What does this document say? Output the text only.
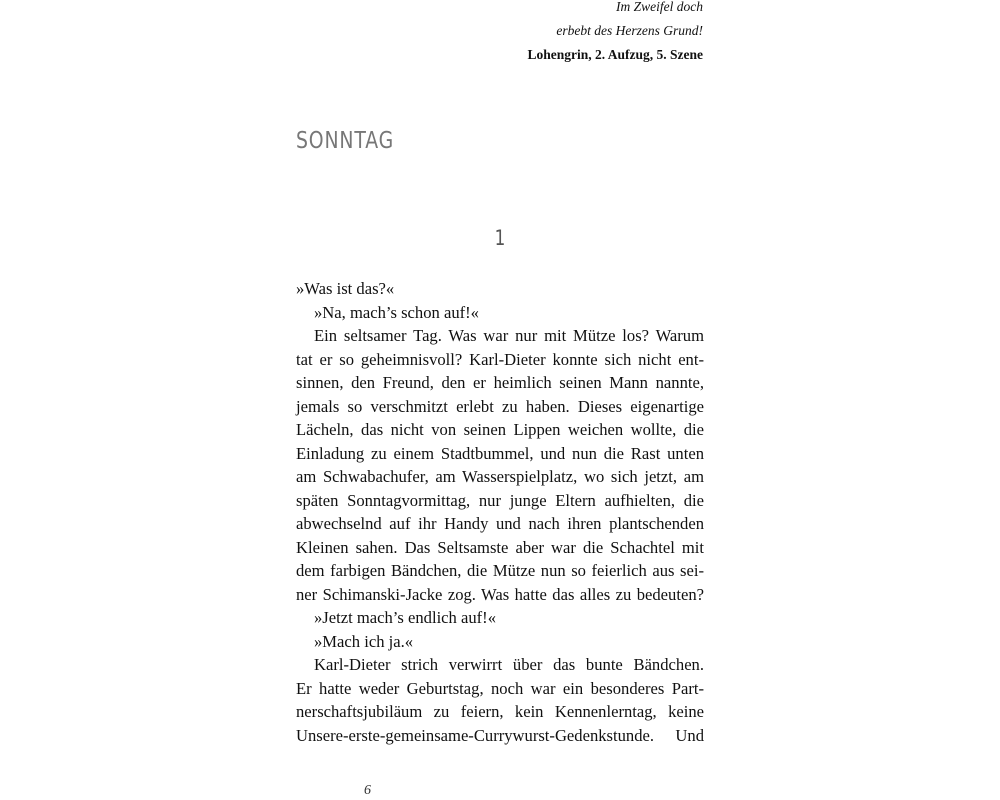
Im Zweifel doch
erbebt des Herzens Grund!
Lohengrin, 2. Aufzug, 5. Szene
SONNTAG
1
»Was ist das?«
»Na, mach’s schon auf!«
Ein seltsamer Tag. Was war nur mit Mütze los? Warum
tat er so geheimnisvoll? Karl-Dieter konnte sich nicht ent-
sinnen, den Freund, den er heimlich seinen Mann nannte,
jemals so verschmitzt erlebt zu haben. Dieses eigenartige
Lächeln, das nicht von seinen Lippen weichen wollte, die
Einladung zu einem Stadtbummel, und nun die Rast unten
am Schwabachufer, am Wasserspielplatz, wo sich jetzt, am
späten Sonntagvormittag, nur junge Eltern aufhielten, die
abwechselnd auf ihr Handy und nach ihren plantschenden
Kleinen sahen. Das Seltsamste aber war die Schachtel mit
dem farbigen Bändchen, die Mütze nun so feierlich aus sei-
ner Schimanski-Jacke zog. Was hatte das alles zu bedeuten?
»Jetzt mach’s endlich auf!«
»Mach ich ja.«
Karl-Dieter strich verwirrt über das bunte Bändchen.
Er hatte weder Geburtstag, noch war ein besonderes Part-
nerschaftsjubiläum zu feiern, kein Kennenlerntag, keine
Unsere-erste-gemeinsame-Currywurst-Gedenkstunde. Und
6
